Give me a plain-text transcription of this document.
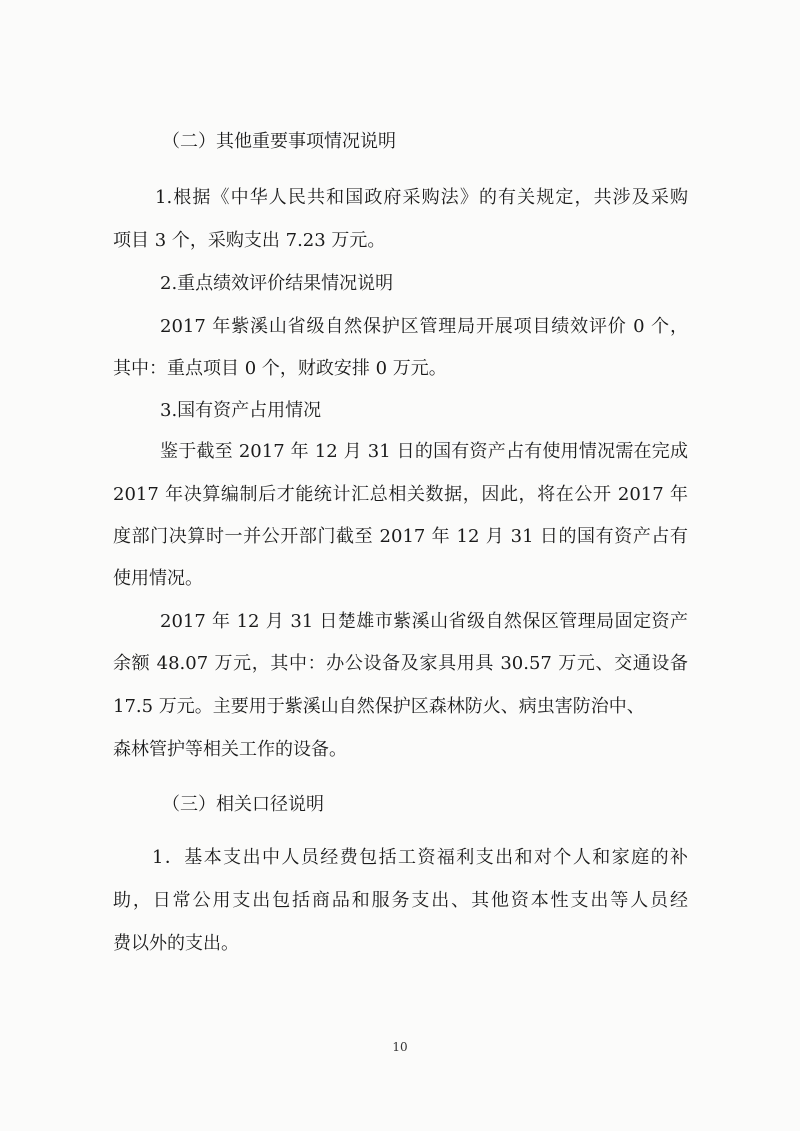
（二）其他重要事项情况说明
1.根据《中华人民共和国政府采购法》的有关规定，共涉及采购
项目 3 个，采购支出 7.23 万元。
2.重点绩效评价结果情况说明
2017 年紫溪山省级自然保护区管理局开展项目绩效评价 0 个，
其中：重点项目 0 个，财政安排 0 万元。
3.国有资产占用情况
鉴于截至 2017 年 12 月 31 日的国有资产占有使用情况需在完成
2017 年决算编制后才能统计汇总相关数据，因此，将在公开 2017 年
度部门决算时一并公开部门截至 2017 年 12 月 31 日的国有资产占有
使用情况。
2017 年 12 月 31 日楚雄市紫溪山省级自然保区管理局固定资产
余额 48.07 万元，其中：办公设备及家具用具 30.57 万元、交通设备
17.5 万元。主要用于紫溪山自然保护区森林防火、病虫害防治中、
森林管护等相关工作的设备。
（三）相关口径说明
1．基本支出中人员经费包括工资福利支出和对个人和家庭的补
助，日常公用支出包括商品和服务支出、其他资本性支出等人员经
费以外的支出。
10
